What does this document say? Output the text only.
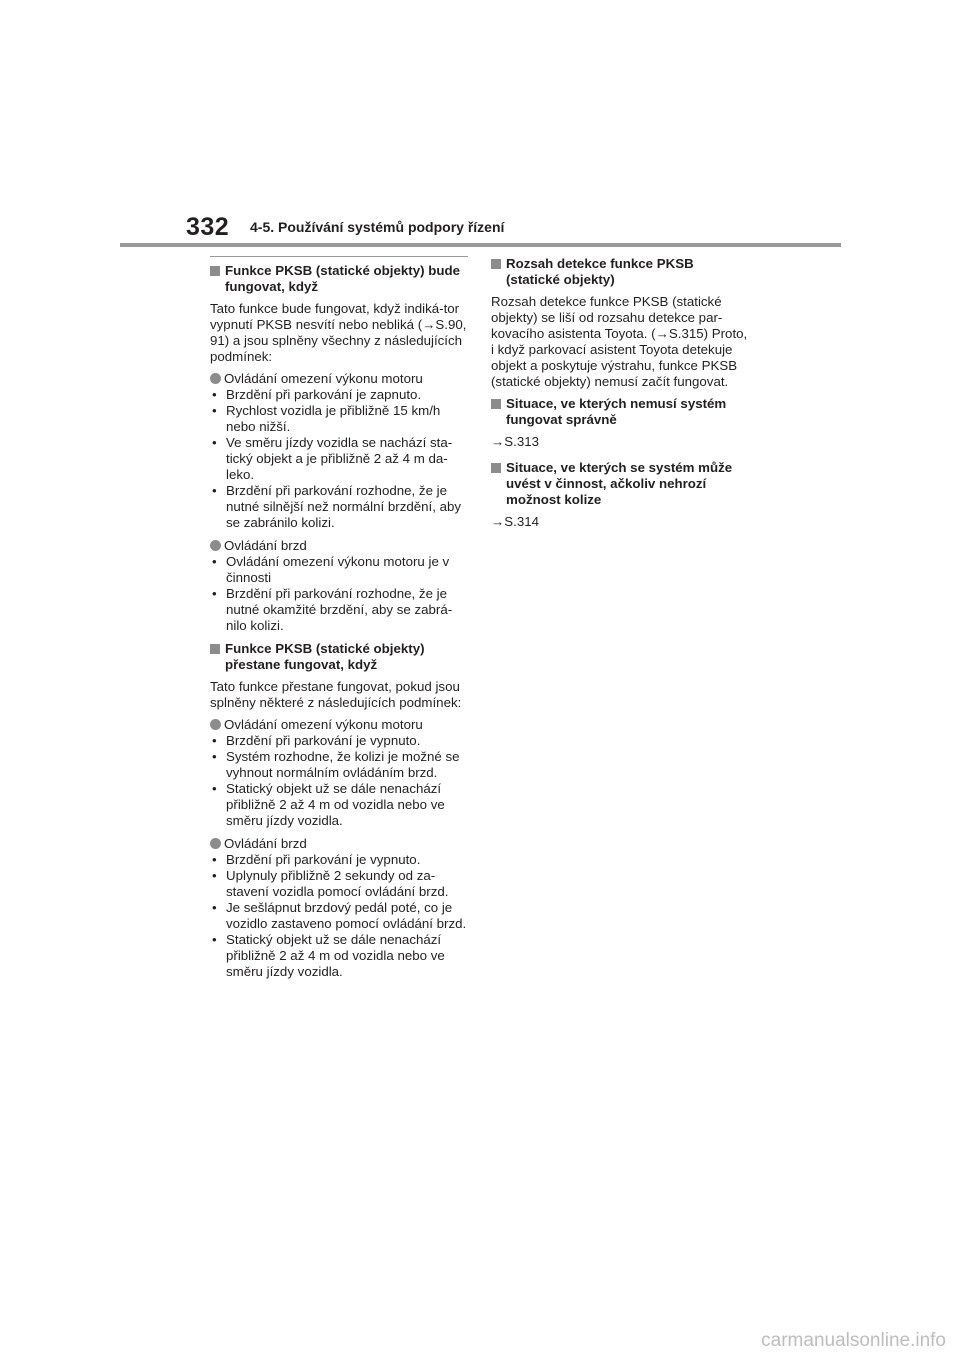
332 4-5. Používání systémů podpory řízení
Funkce PKSB (statické objekty) bude fungovat, když

Tato funkce bude fungovat, když indiká-tor vypnutí PKSB nesvítí nebo nebliká (→S.90, 91) a jsou splněny všechny z následujících podmínek:

Ovládání omezení výkonu motoru
• Brzdění při parkování je zapnuto.
• Rychlost vozidla je přibližně 15 km/h nebo nižší.
• Ve směru jízdy vozidla se nachází sta-tický objekt a je přibližně 2 až 4 m da-leko.
• Brzdění při parkování rozhodne, že je nutné silnější než normální brzdění, aby se zabránilo kolizi.
Ovládání brzd
• Ovládání omezení výkonu motoru je v činnosti
• Brzdění při parkování rozhodne, že je nutné okamžité brzdění, aby se zabrá-nilo kolizi.
Funkce PKSB (statické objekty) přestane fungovat, když

Tato funkce přestane fungovat, pokud jsou splněny některé z následujících podmínek:

Ovládání omezení výkonu motoru
• Brzdění při parkování je vypnuto.
• Systém rozhodne, že kolizi je možné se vyhnout normálním ovládáním brzd.
• Statický objekt už se dále nenachází přibližně 2 až 4 m od vozidla nebo ve směru jízdy vozidla.
Ovládání brzd
• Brzdění při parkování je vypnuto.
• Uplynuly přibližně 2 sekundy od za-stavení vozidla pomocí ovládání brzd.
• Je sešlápnut brzdový pedál poté, co je vozidlo zastaveno pomocí ovládání brzd.
• Statický objekt už se dále nenachází přibližně 2 až 4 m od vozidla nebo ve směru jízdy vozidla.
Rozsah detekce funkce PKSB (statické objekty)

Rozsah detekce funkce PKSB (statické objekty) se liší od rozsahu detekce par-kovacího asistenta Toyota. (→S.315) Proto, i když parkovací asistent Toyota detekuje objekt a poskytuje výstrahu, funkce PKSB (statické objekty) nemusí začít fungovat.

Situace, ve kterých nemusí systém fungovat správně
→S.313
Situace, ve kterých se systém může uvést v činnost, ačkoliv nehrozí možnost kolize
→S.314
carmanualsonline.info
